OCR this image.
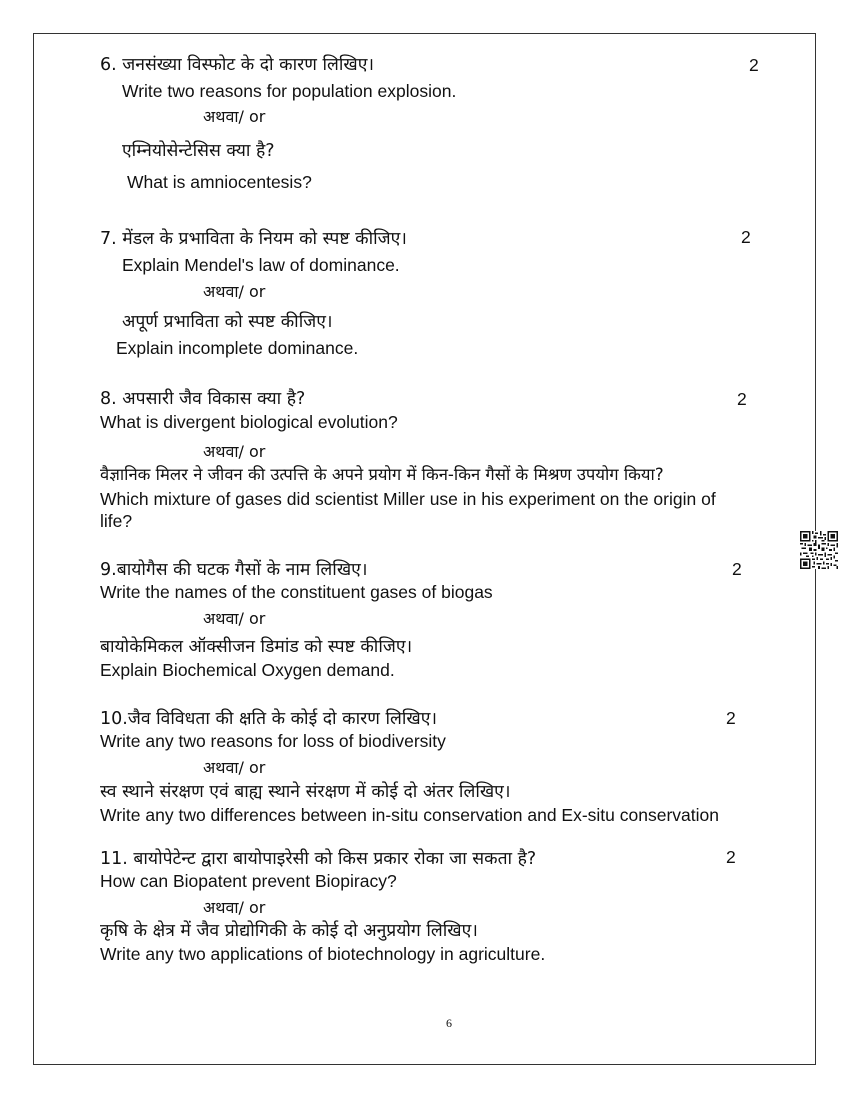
6. जनसंख्या विस्फोट के दो कारण लिखिए।	2
Write two reasons for population explosion.
अथवा/ or
एम्नियोसेन्टेसिस क्या है?
What is amniocentesis?
7. मेंडल के प्रभाविता के नियम को स्पष्ट कीजिए।	2
Explain Mendel's law of dominance.
अथवा/ or
अपूर्ण प्रभाविता को स्पष्ट कीजिए।
Explain incomplete dominance.
8. अपसारी जैव विकास क्या है?	2
What is divergent biological evolution?
अथवा/ or
वैज्ञानिक मिलर ने जीवन की उत्पत्ति के अपने प्रयोग में किन-किन गैसों के मिश्रण उपयोग किया?
Which mixture of gases did scientist Miller use in his experiment on the origin of
life?
9.बायोगैस की घटक गैसों के नाम लिखिए।	2
Write the names of the constituent gases of biogas
अथवा/ or
बायोकेमिकल ऑक्सीजन डिमांड को स्पष्ट कीजिए।
Explain Biochemical Oxygen demand.
10.जैव विविधता की क्षति के कोई दो कारण लिखिए।	2
Write any two reasons for loss of biodiversity
अथवा/ or
स्व स्थाने संरक्षण एवं बाह्य स्थाने संरक्षण में कोई दो अंतर लिखिए।
Write any two differences between in-situ conservation and Ex-situ conservation
11. बायोपेटेन्ट द्वारा बायोपाइरेसी को किस प्रकार रोका जा सकता है?	2
How can Biopatent prevent Biopiracy?
अथवा/ or
कृषि के क्षेत्र में जैव प्रोद्योगिकी के कोई दो अनुप्रयोग लिखिए।
Write any two applications of biotechnology in agriculture.
6
